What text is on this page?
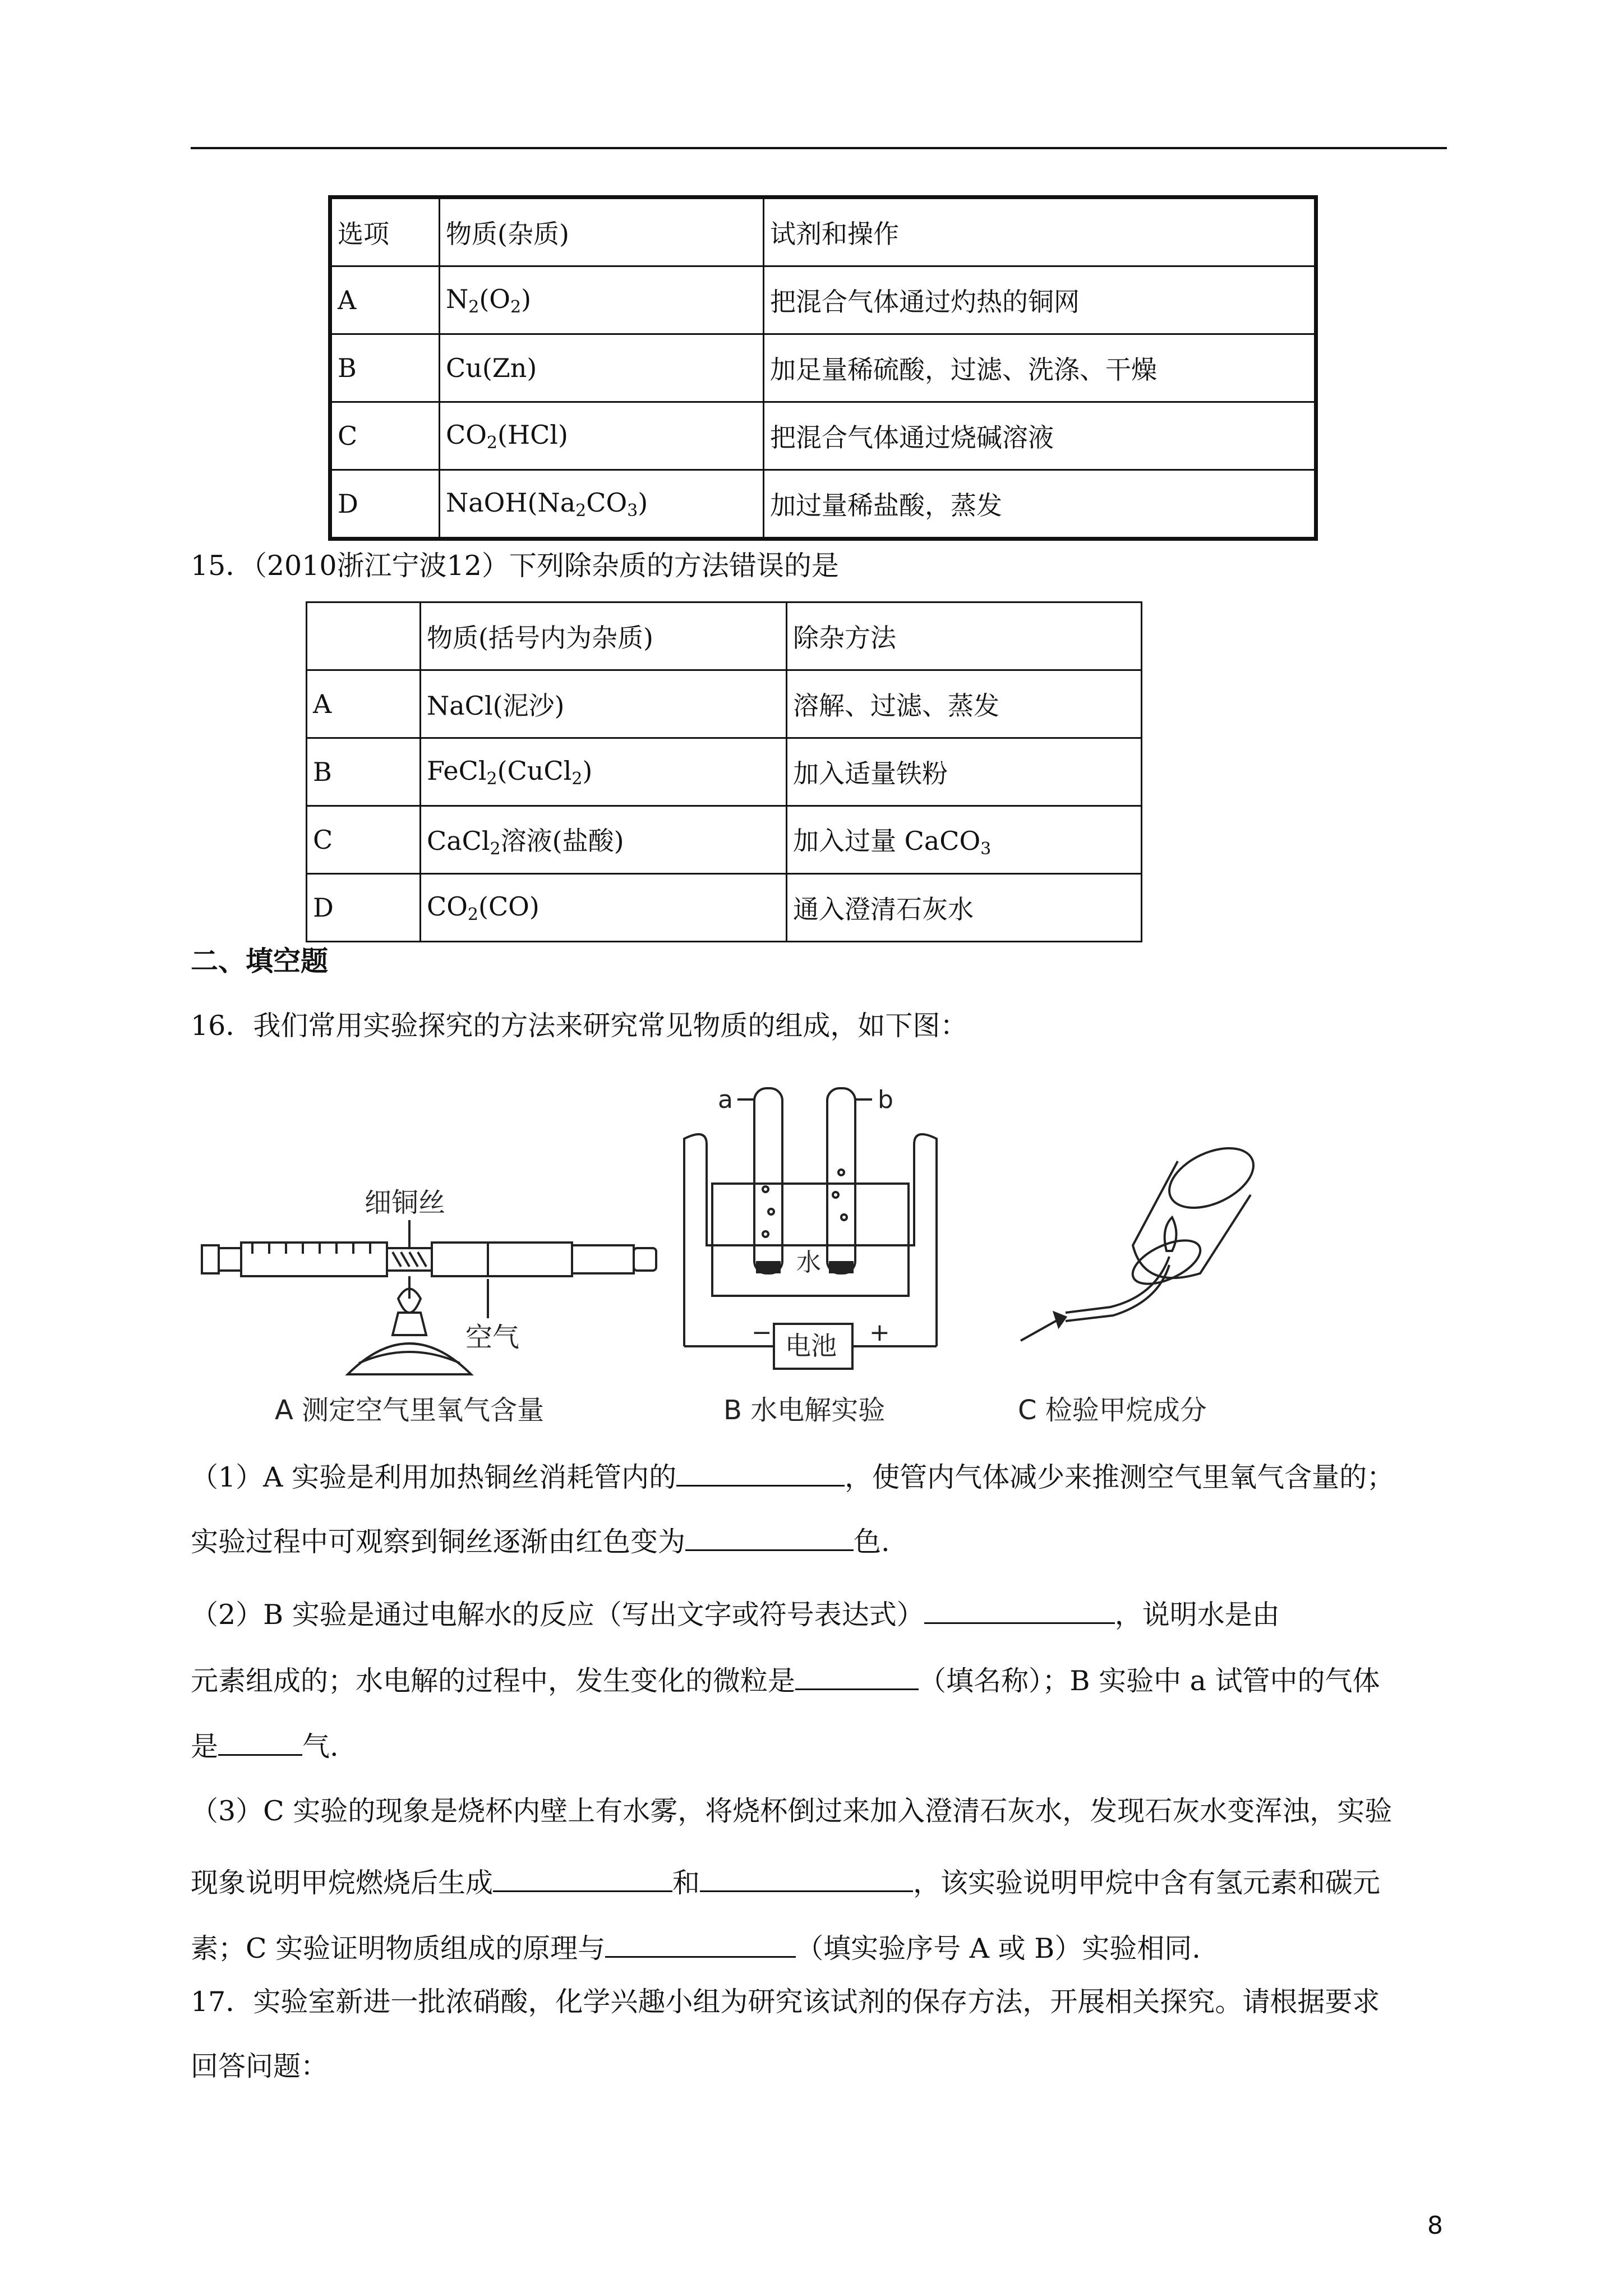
选项	物质(杂质)	试剂和操作
A	$N_2(O_2)$	把混合气体通过灼热的铜网
B	Cu(Zn)	加足量稀硫酸，过滤、洗涤、干燥
C	$CO_2(HCl)$	把混合气体通过烧碱溶液
D	$NaOH(Na_2CO_3)$	加过量稀盐酸，蒸发
15．（2010浙江宁波12）下列除杂质的方法错误的是
	物质(括号内为杂质)	除杂方法
A	NaCl(泥沙)	溶解、过滤、蒸发
B	FeCl$_2$(CuCl$_2$)	加入适量铁粉
C	CaCl$_2$溶液(盐酸)	加入过量 CaCO$_3$
D	$CO_2(CO)$	通入澄清石灰水
二、填空题
16．我们常用实验探究的方法来研究常见物质的组成，如下图：
细铜丝
空气
A 测定空气里氧气含量
a	b
水
电池
−	+
B 水电解实验	C 检验甲烷成分
（1）A 实验是利用加热铜丝消耗管内的	，使管内气体减少来推测空气里氧气含量的；
实验过程中可观察到铜丝逐渐由红色变为	色.
（2）B 实验是通过电解水的反应（写出文字或符号表达式）	，说明水是由
元素组成的；水电解的过程中，发生变化的微粒是	（填名称）；B 实验中 a 试管中的气体
是	气.
（3）C 实验的现象是烧杯内壁上有水雾，将烧杯倒过来加入澄清石灰水，发现石灰水变浑浊，实验
现象说明甲烷燃烧后生成	和	，该实验说明甲烷中含有氢元素和碳元
素；C 实验证明物质组成的原理与	（填实验序号 A 或 B）实验相同.
17．实验室新进一批浓硝酸，化学兴趣小组为研究该试剂的保存方法，开展相关探究。请根据要求
回答问题：
8
